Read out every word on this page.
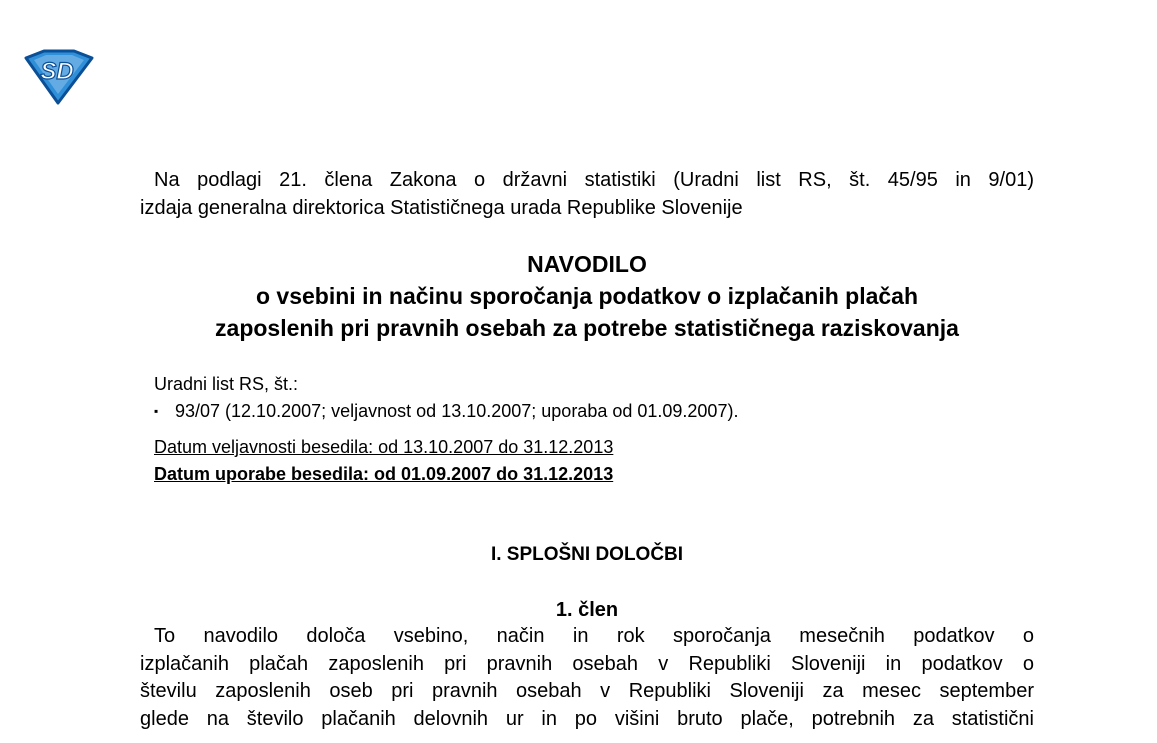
SD

Na podlagi 21. člena Zakona o državni statistiki (Uradni list RS, št. 45/95 in 9/01)

izdaja generalna direktorica Statističnega urada Republike Slovenije

NAVODILO
o vsebini in načinu sporočanja podatkov o izplačanih plačah
zaposlenih pri pravnih osebah za potrebe statističnega raziskovanja
Uradni list RS, št.:
▪ 93/07 (12.10.2007; veljavnost od 13.10.2007; uporaba od 01.09.2007).
Datum veljavnosti besedila: od 13.10.2007 do 31.12.2013
Datum uporabe besedila: od 01.09.2007 do 31.12.2013
I. SPLOŠNI DOLOČBI
1. člen
To navodilo določa vsebino, način in rok sporočanja mesečnih podatkov o
izplačanih plačah zaposlenih pri pravnih osebah v Republiki Sloveniji in podatkov o
številu zaposlenih oseb pri pravnih osebah v Republiki Sloveniji za mesec september
glede na število plačanih delovnih ur in po višini bruto plače, potrebnih za statistični
